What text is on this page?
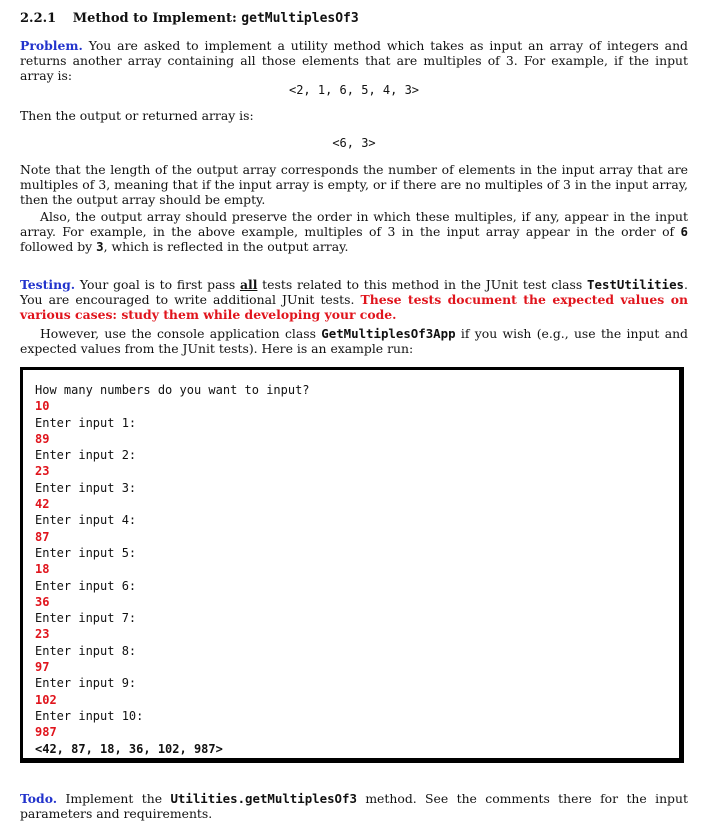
2.2.1 Method to Implement: getMultiplesOf3
Problem. You are asked to implement a utility method which takes as input an array of integers and returns another array containing all those elements that are multiples of 3. For example, if the input array is:
<2, 1, 6, 5, 4, 3>
Then the output or returned array is:
<6, 3>
Note that the length of the output array corresponds the number of elements in the input array that are multiples of 3, meaning that if the input array is empty, or if there are no multiples of 3 in the input array, then the output array should be empty.
Also, the output array should preserve the order in which these multiples, if any, appear in the input array. For example, in the above example, multiples of 3 in the input array appear in the order of 6 followed by 3, which is reflected in the output array.
Testing. Your goal is to first pass all tests related to this method in the JUnit test class TestUtilities. You are encouraged to write additional JUnit tests. These tests document the expected values on various cases: study them while developing your code.
However, use the console application class GetMultiplesOf3App if you wish (e.g., use the input and expected values from the JUnit tests). Here is an example run:
How many numbers do you want to input?
10
Enter input 1:
89
Enter input 2:
23
Enter input 3:
42
Enter input 4:
87
Enter input 5:
18
Enter input 6:
36
Enter input 7:
23
Enter input 8:
97
Enter input 9:
102
Enter input 10:
987
<42, 87, 18, 36, 102, 987>
Todo. Implement the Utilities.getMultiplesOf3 method. See the comments there for the input parameters and requirements.
